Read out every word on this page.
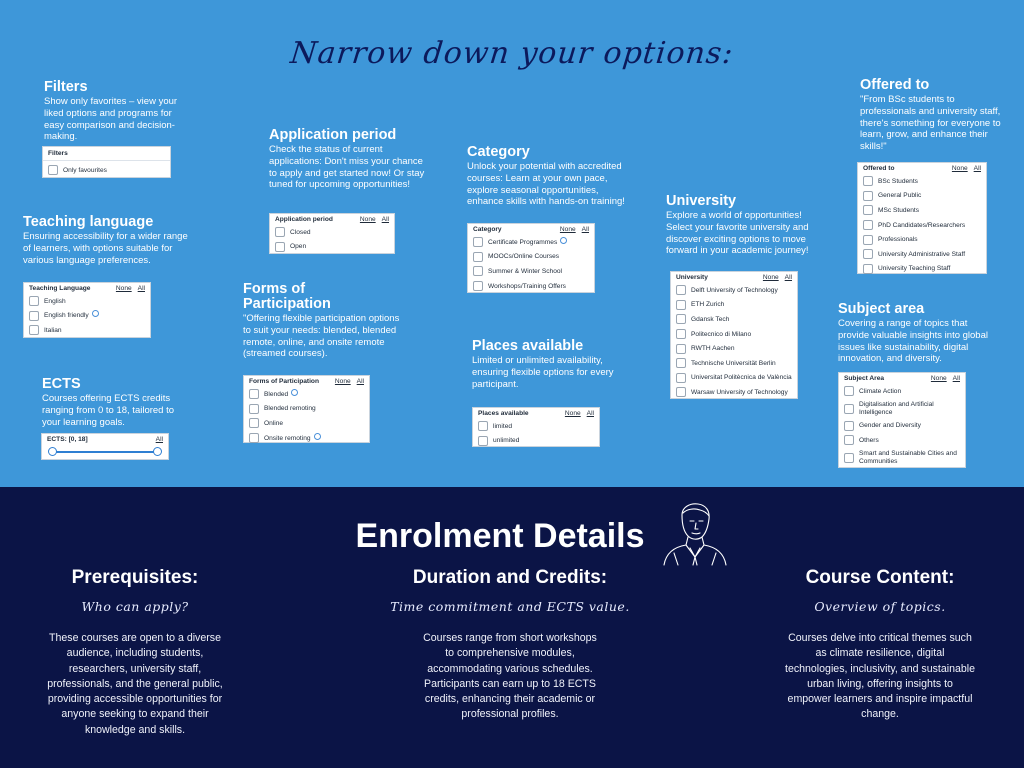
Narrow down your options:
Filters

Show only favorites – view your liked options and programs for easy comparison and decision-making.

Filters
Only favourites
Teaching language

Ensuring accessibility for a wider range of learners, with options suitable for various language preferences.

Teaching Language	None All
English
English friendly
Italian
ECTS

Courses offering ECTS credits ranging from 0 to 18, tailored to your learning goals.

ECTS: [0, 18]	All
Application period

Check the status of current applications: Don't miss your chance to apply and get started now! Or stay tuned for upcoming opportunities!

Application period	None All
Closed
Open
Forms of Participation

"Offering flexible participation options to suit your needs: blended, blended remote, online, and onsite remote (streamed courses).

Forms of Participation	None All
Blended
Blended remoting
Online
Onsite remoting
Category

Unlock your potential with accredited courses: Learn at your own pace, explore seasonal opportunities, enhance skills with hands-on training!

Category	None All
Certificate Programmes
MOOCs/Online Courses
Summer & Winter School
Workshops/Training Offers
Places available

Limited or unlimited availability, ensuring flexible options for every participant.

Places available	None All
limited
unlimited
University

Explore a world of opportunities! Select your favorite university and discover exciting options to move forward in your academic journey!

University	None All
Delft University of Technology
ETH Zurich
Gdansk Tech
Politecnico di Milano
RWTH Aachen
Technische Universität Berlin
Universitat Politècnica de València
Warsaw University of Technology
Offered to

"From BSc students to professionals and university staff, there's something for everyone to learn, grow, and enhance their skills!"

Offered to	None All
BSc Students
General Public
MSc Students
PhD Candidates/Researchers
Professionals
University Administrative Staff
University Teaching Staff
Subject area

Covering a range of topics that provide valuable insights into global issues like sustainability, digital innovation, and diversity.

Subject Area	None All
Climate Action
Digitalisation and Artificial Intelligence
Gender and Diversity
Others
Smart and Sustainable Cities and Communities
Enrolment Details
Prerequisites:
Who can apply?

These courses are open to a diverse audience, including students, researchers, university staff, professionals, and the general public, providing accessible opportunities for anyone seeking to expand their knowledge and skills.

Duration and Credits:
Time commitment and ECTS value.

Courses range from short workshops to comprehensive modules, accommodating various schedules. Participants can earn up to 18 ECTS credits, enhancing their academic or professional profiles.

Course Content:
Overview of topics.

Courses delve into critical themes such as climate resilience, digital technologies, inclusivity, and sustainable urban living, offering insights to empower learners and inspire impactful change.
